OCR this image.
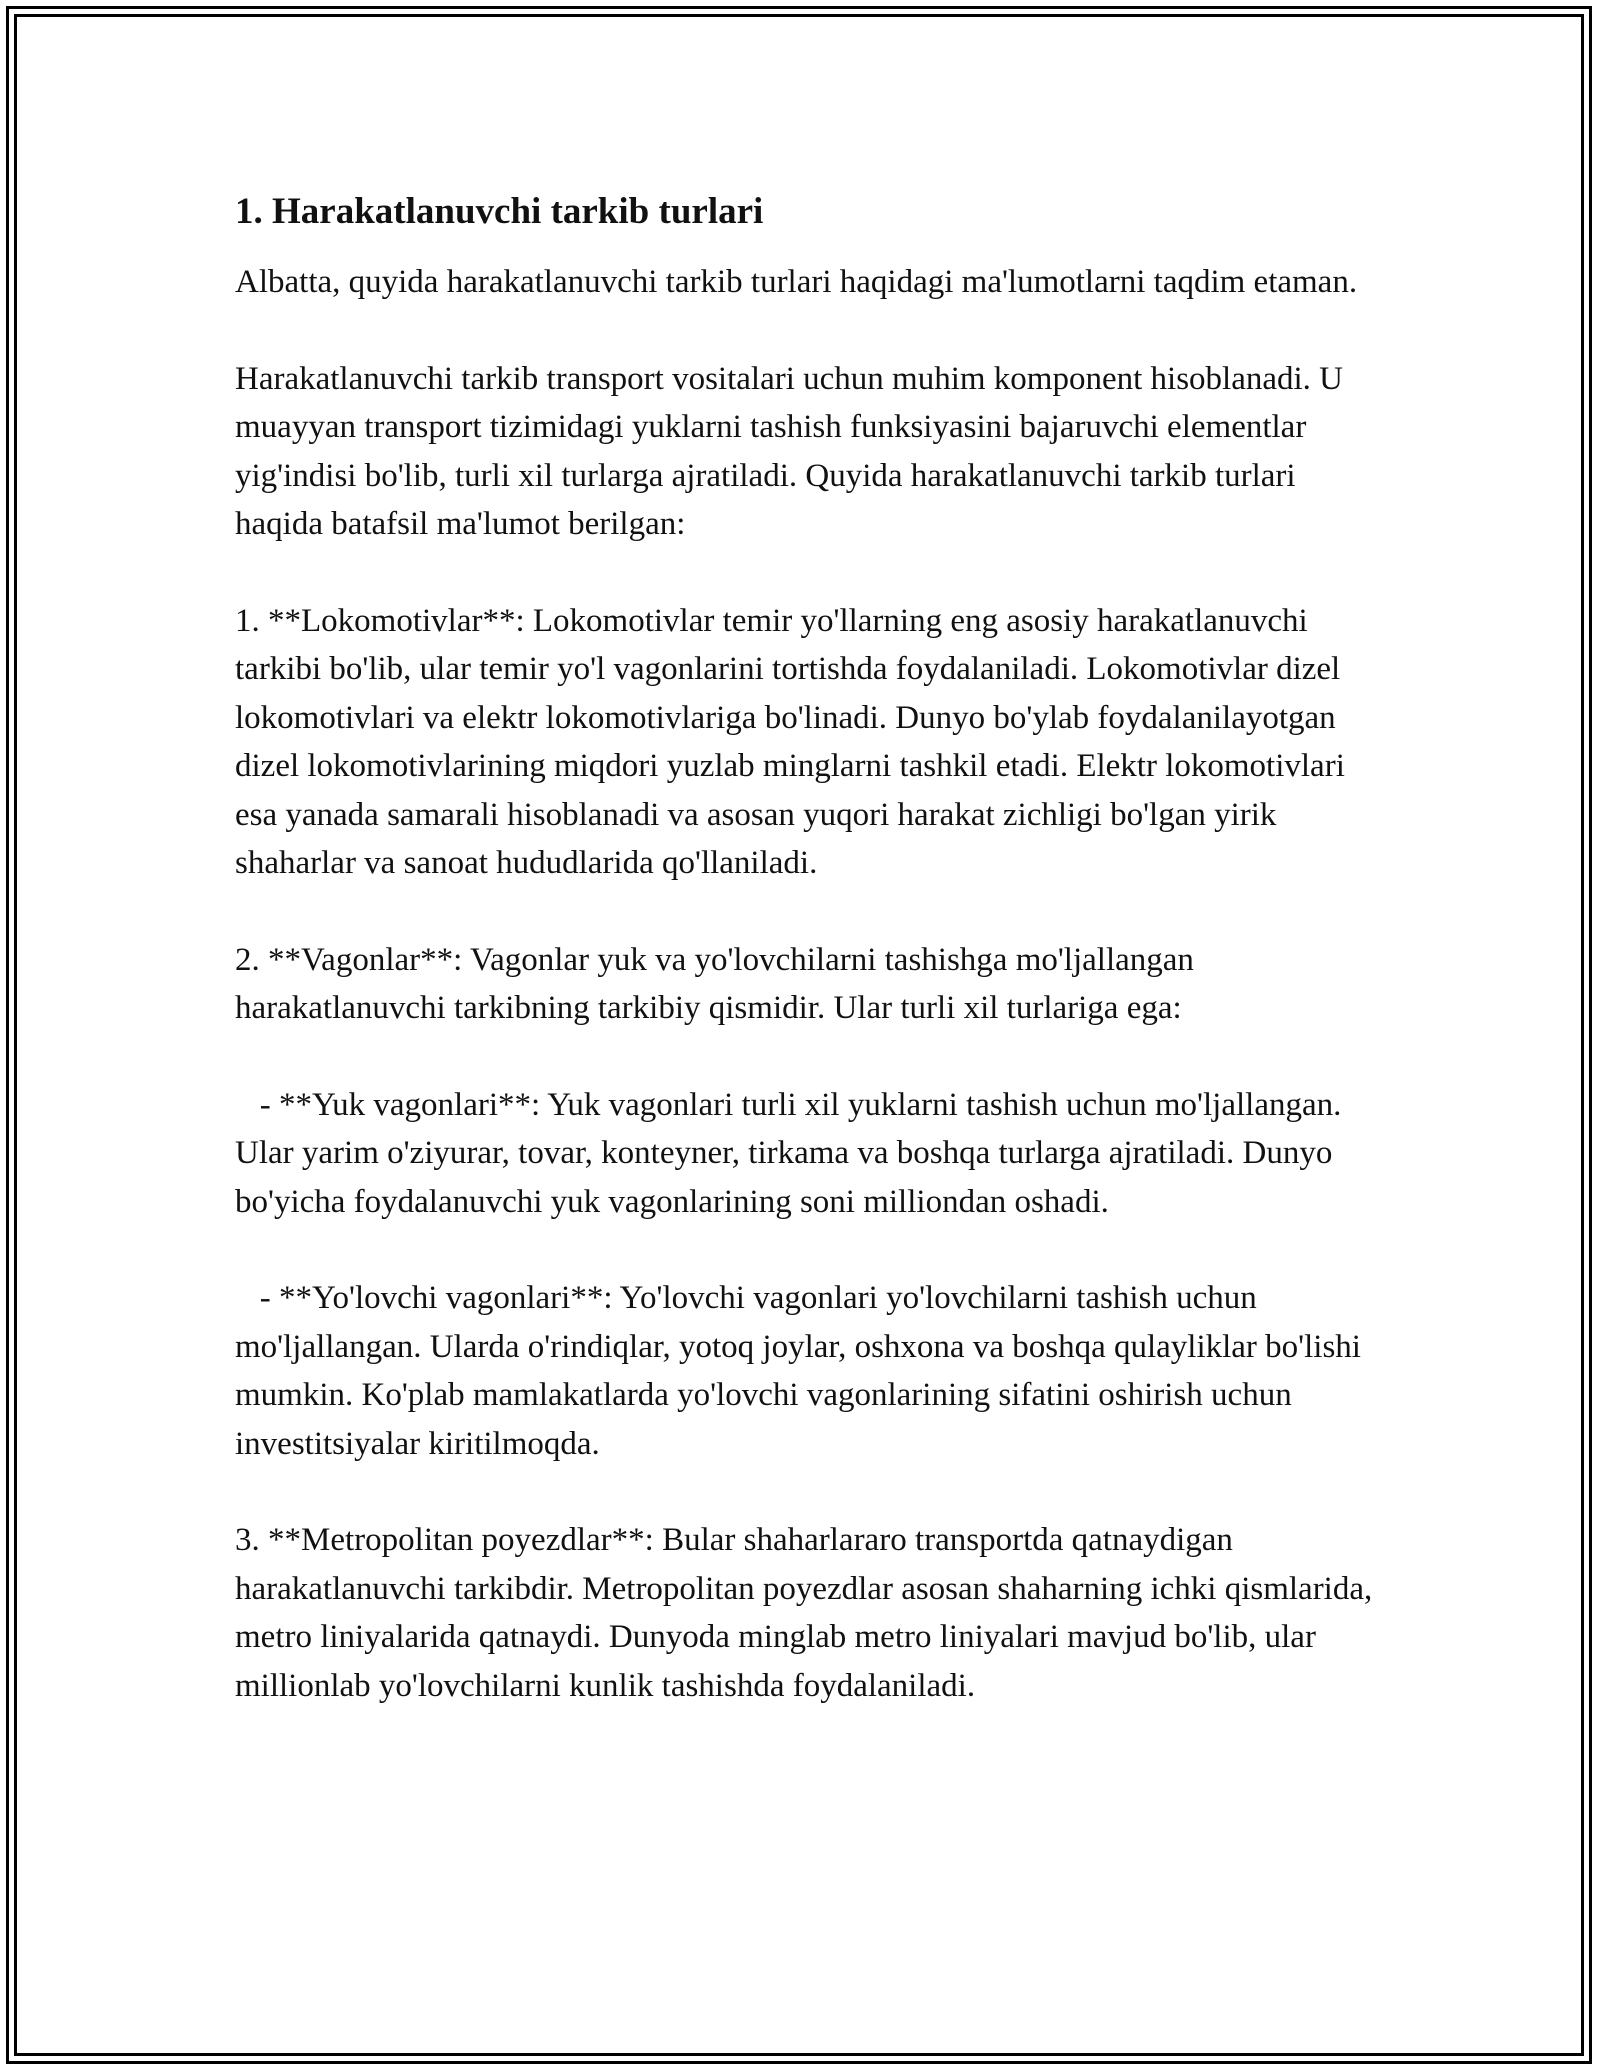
1. Harakatlanuvchi tarkib turlari

Albatta, quyida harakatlanuvchi tarkib turlari haqidagi ma'lumotlarni taqdim etaman.

Harakatlanuvchi tarkib transport vositalari uchun muhim komponent hisoblanadi. U muayyan transport tizimidagi yuklarni tashish funksiyasini bajaruvchi elementlar yig'indisi bo'lib, turli xil turlarga ajratiladi. Quyida harakatlanuvchi tarkib turlari haqida batafsil ma'lumot berilgan:

1. **Lokomotivlar**: Lokomotivlar temir yo'llarning eng asosiy harakatlanuvchi tarkibi bo'lib, ular temir yo'l vagonlarini tortishda foydalaniladi. Lokomotivlar dizel lokomotivlari va elektr lokomotivlariga bo'linadi. Dunyo bo'ylab foydalanilayotgan dizel lokomotivlarining miqdori yuzlab minglarni tashkil etadi. Elektr lokomotivlari esa yanada samarali hisoblanadi va asosan yuqori harakat zichligi bo'lgan yirik shaharlar va sanoat hududlarida qo'llaniladi.

2. **Vagonlar**: Vagonlar yuk va yo'lovchilarni tashishga mo'ljallangan harakatlanuvchi tarkibning tarkibiy qismidir. Ular turli xil turlariga ega:

- **Yuk vagonlari**: Yuk vagonlari turli xil yuklarni tashish uchun mo'ljallangan. Ular yarim o'ziyurar, tovar, konteyner, tirkama va boshqa turlarga ajratiladi. Dunyo bo'yicha foydalanuvchi yuk vagonlarining soni milliondan oshadi.

- **Yo'lovchi vagonlari**: Yo'lovchi vagonlari yo'lovchilarni tashish uchun mo'ljallangan. Ularda o'rindiqlar, yotoq joylar, oshxona va boshqa qulayliklar bo'lishi mumkin. Ko'plab mamlakatlarda yo'lovchi vagonlarining sifatini oshirish uchun investitsiyalar kiritilmoqda.

3. **Metropolitan poyezdlar**: Bular shaharlararo transportda qatnaydigan harakatlanuvchi tarkibdir. Metropolitan poyezdlar asosan shaharning ichki qismlarida, metro liniyalarida qatnaydi. Dunyoda minglab metro liniyalari mavjud bo'lib, ular millionlab yo'lovchilarni kunlik tashishda foydalaniladi.
